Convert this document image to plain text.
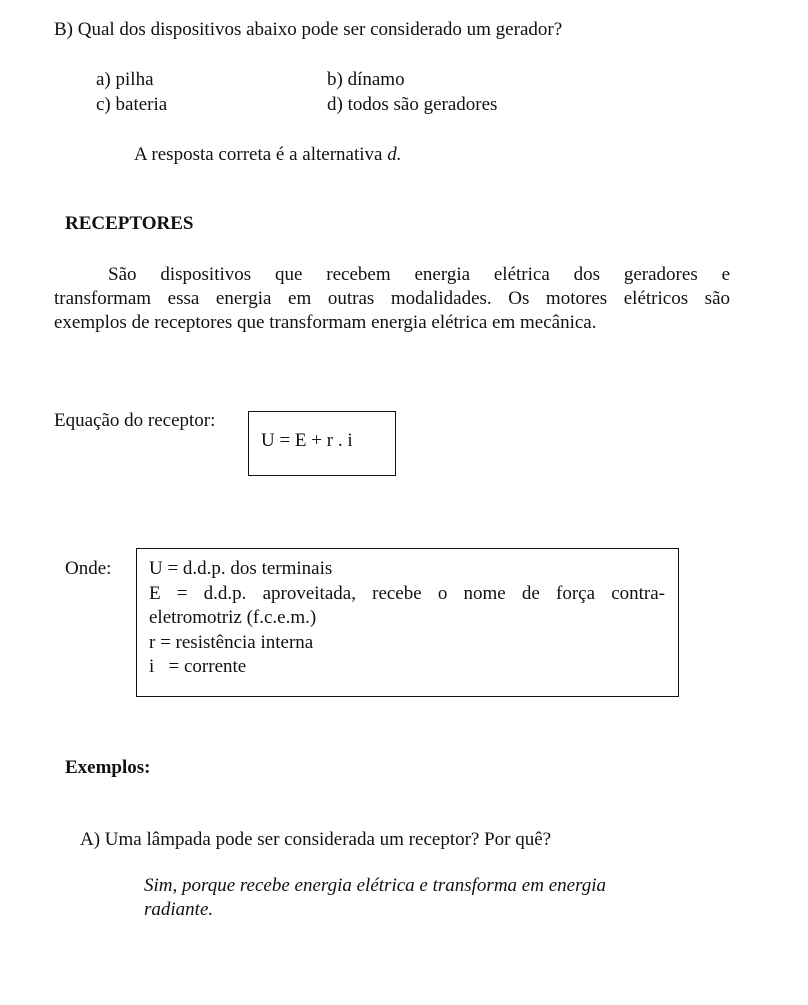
B) Qual dos dispositivos abaixo pode ser considerado um gerador?
a) pilha	b) dínamo
c) bateria	d) todos são geradores
A resposta correta é a alternativa d.
RECEPTORES
São dispositivos que recebem energia elétrica dos geradores e
transformam essa energia em outras modalidades. Os motores elétricos são
exemplos de receptores que transformam energia elétrica em mecânica.
Equação do receptor:
U = E + r . i
Onde: U = d.d.p. dos terminais
E = d.d.p. aproveitada, recebe o nome de força contra-
eletromotriz (f.c.e.m.)
r = resistência interna
i   = corrente
Exemplos:
A) Uma lâmpada pode ser considerada um receptor? Por quê?
Sim, porque recebe energia elétrica e transforma em energia
radiante.
